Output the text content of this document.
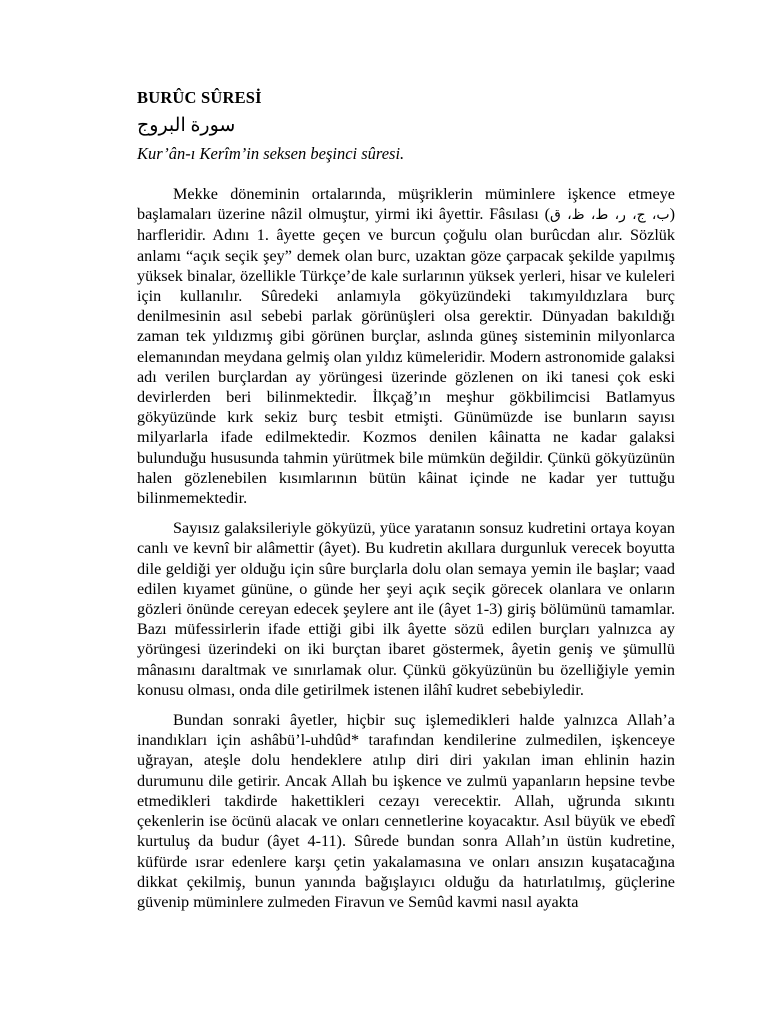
BURÛC SÛRESİ
سورة البروج
Kur’ân-ı Kerîm’in seksen beşinci sûresi.

Mekke döneminin ortalarında, müşriklerin müminlere işkence etmeye başlamaları üzerine nâzil olmuştur, yirmi iki âyettir. Fâsılası (ب، ج، ر، ط، ظ، ق) harfleridir. Adını 1. âyette geçen ve burcun çoğulu olan burûcdan alır. Sözlük anlamı “açık seçik şey” demek olan burc, uzaktan göze çarpacak şekilde yapılmış yüksek binalar, özellikle Türkçe’de kale surlarının yüksek yerleri, hisar ve kuleleri için kullanılır. Sûredeki anlamıyla gökyüzündeki takımyıldızlara burç denilmesinin asıl sebebi parlak görünüşleri olsa gerektir. Dünyadan bakıldığı zaman tek yıldızmış gibi görünen burçlar, aslında güneş sisteminin milyonlarca elemanından meydana gelmiş olan yıldız kümeleridir. Modern astronomide galaksi adı verilen burçlardan ay yörüngesi üzerinde gözlenen on iki tanesi çok eski devirlerden beri bilinmektedir. İlkçağ’ın meşhur gökbilimcisi Batlamyus gökyüzünde kırk sekiz burç tesbit etmişti. Günümüzde ise bunların sayısı milyarlarla ifade edilmektedir. Kozmos denilen kâinatta ne kadar galaksi bulunduğu hususunda tahmin yürütmek bile mümkün değildir. Çünkü gökyüzünün halen gözlenebilen kısımlarının bütün kâinat içinde ne kadar yer tuttuğu bilinmemektedir.

Sayısız galaksileriyle gökyüzü, yüce yaratanın sonsuz kudretini ortaya koyan canlı ve kevnî bir alâmettir (âyet). Bu kudretin akıllara durgunluk verecek boyutta dile geldiği yer olduğu için sûre burçlarla dolu olan semaya yemin ile başlar; vaad edilen kıyamet gününe, o günde her şeyi açık seçik görecek olanlara ve onların gözleri önünde cereyan edecek şeylere ant ile (âyet 1-3) giriş bölümünü tamamlar. Bazı müfessirlerin ifade ettiği gibi ilk âyette sözü edilen burçları yalnızca ay yörüngesi üzerindeki on iki burçtan ibaret göstermek, âyetin geniş ve şümullü mânasını daraltmak ve sınırlamak olur. Çünkü gökyüzünün bu özelliğiyle yemin konusu olması, onda dile getirilmek istenen ilâhî kudret sebebiyledir.

Bundan sonraki âyetler, hiçbir suç işlemedikleri halde yalnızca Allah’a inandıkları için ashâbü’l-uhdûd* tarafından kendilerine zulmedilen, işkenceye uğrayan, ateşle dolu hendeklere atılıp diri diri yakılan iman ehlinin hazin durumunu dile getirir. Ancak Allah bu işkence ve zulmü yapanların hepsine tevbe etmedikleri takdirde hakettikleri cezayı verecektir. Allah, uğrunda sıkıntı çekenlerin ise öcünü alacak ve onları cennetlerine koyacaktır. Asıl büyük ve ebedî kurtuluş da budur (âyet 4-11). Sûrede bundan sonra Allah’ın üstün kudretine, küfürde ısrar edenlere karşı çetin yakalamasına ve onları ansızın kuşatacağına dikkat çekilmiş, bunun yanında bağışlayıcı olduğu da hatırlatılmış, güçlerine güvenip müminlere zulmeden Firavun ve Semûd kavmi nasıl ayakta
